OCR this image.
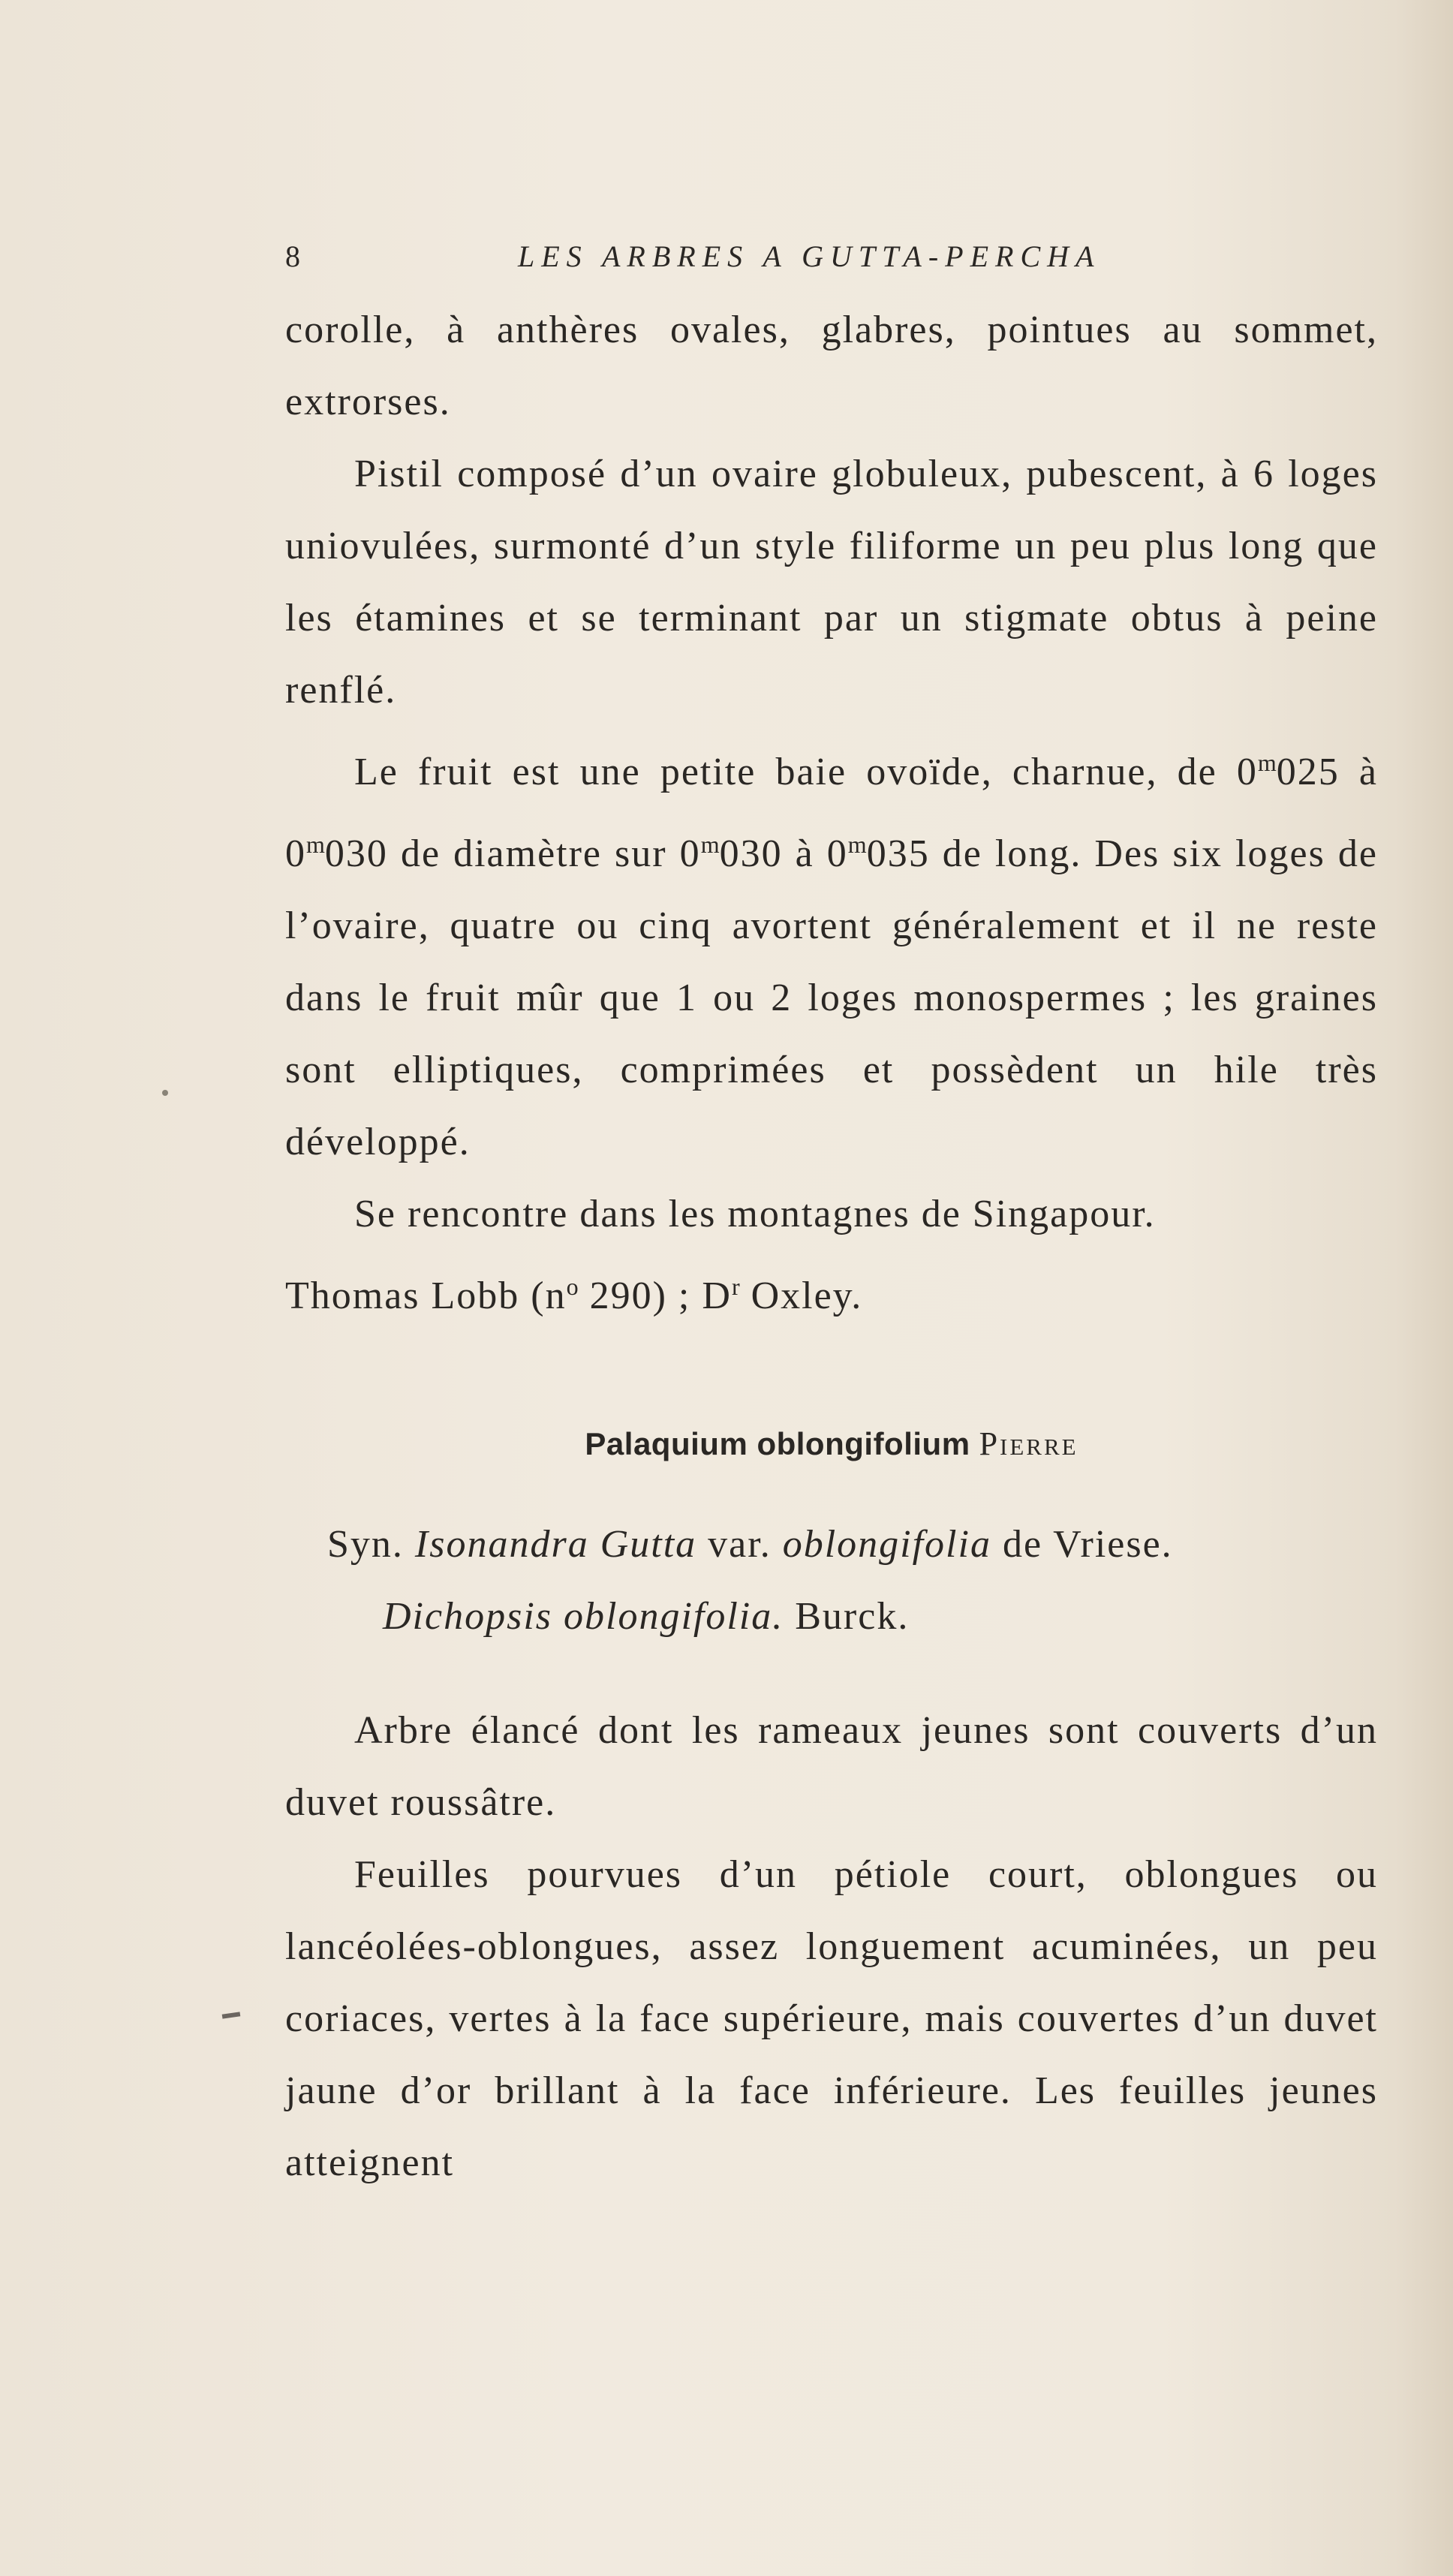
8	LES ARBRES A GUTTA-PERCHA

corolle, à anthères ovales, glabres, pointues au sommet, extrorses.

Pistil composé d’un ovaire globuleux, pubescent, à 6 loges uniovulées, surmonté d’un style filiforme un peu plus long que les étamines et se terminant par un stigmate obtus à peine renflé.

Le fruit est une petite baie ovoïde, charnue, de 0$^m$025 à 0$^m$030 de diamètre sur 0$^m$030 à 0$^m$035 de long. Des six loges de l’ovaire, quatre ou cinq avortent généralement et il ne reste dans le fruit mûr que 1 ou 2 loges monospermes ; les graines sont elliptiques, comprimées et possèdent un hile très développé.

Se rencontre dans les montagnes de Singapour.

Thomas Lobb ($n^o$ 290) ; $D^r$ Oxley.

Palaquium oblongifolium Pierre

Syn. Isonandra Gutta var. oblongifolia de Vriese.

Dichopsis oblongifolia. Burck.

Arbre élancé dont les rameaux jeunes sont couverts d’un duvet roussâtre.

Feuilles pourvues d’un pétiole court, oblongues ou lancéolées-oblongues, assez longuement acuminées, un peu coriaces, vertes à la face supérieure, mais couvertes d’un duvet jaune d’or brillant à la face inférieure. Les feuilles jeunes atteignent
